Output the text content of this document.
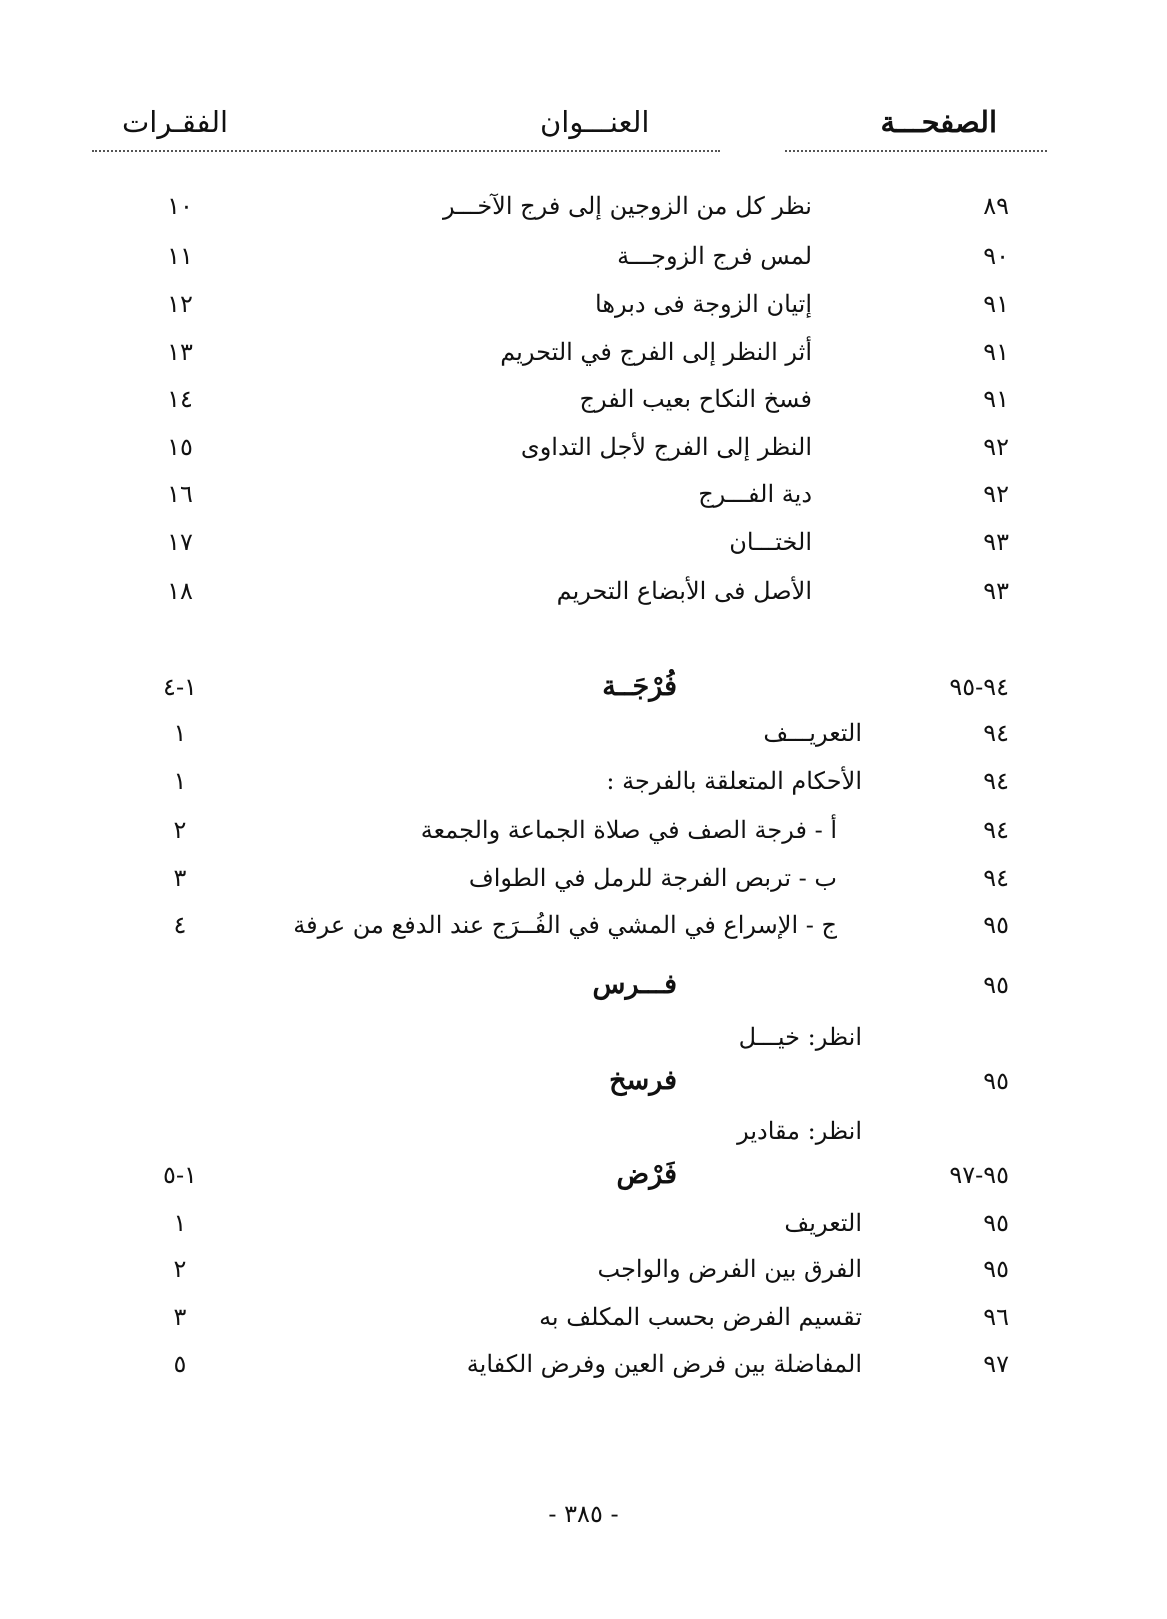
الصفحـــة
العنـــوان
الفقـرات
٨٩
نظر كل من الزوجين إلى فرج الآخـــر
١٠
٩٠
لمس فرج الزوجـــة
١١
٩١
إتيان الزوجة فى دبرها
١٢
٩١
أثر النظر إلى الفرج في التحريم
١٣
٩١
فسخ النكاح بعيب الفرج
١٤
٩٢
النظر إلى الفرج لأجل التداوى
١٥
٩٢
دية الفـــرج
١٦
٩٣
الختـــان
١٧
٩٣
الأصل فى الأبضاع التحريم
١٨
٩٤-٩٥
فُرْجَــة
١-٤
٩٤
التعريـــف
١
٩٤
الأحكام المتعلقة بالفرجة :
١
٩٤
أ - فرجة الصف في صلاة الجماعة والجمعة
٢
٩٤
ب - تربص الفرجة للرمل في الطواف
٣
٩٥
ج - الإسراع في المشي في الفُــرَج عند الدفع من عرفة
٤
٩٥
فـــرس
انظر: خيـــل
٩٥
فرسخ
انظر: مقادير
٩٥-٩٧
فَرْض
١-٥
٩٥
التعريف
١
٩٥
الفرق بين الفرض والواجب
٢
٩٦
تقسيم الفرض بحسب المكلف به
٣
٩٧
المفاضلة بين فرض العين وفرض الكفاية
٥
- ٣٨٥ -
